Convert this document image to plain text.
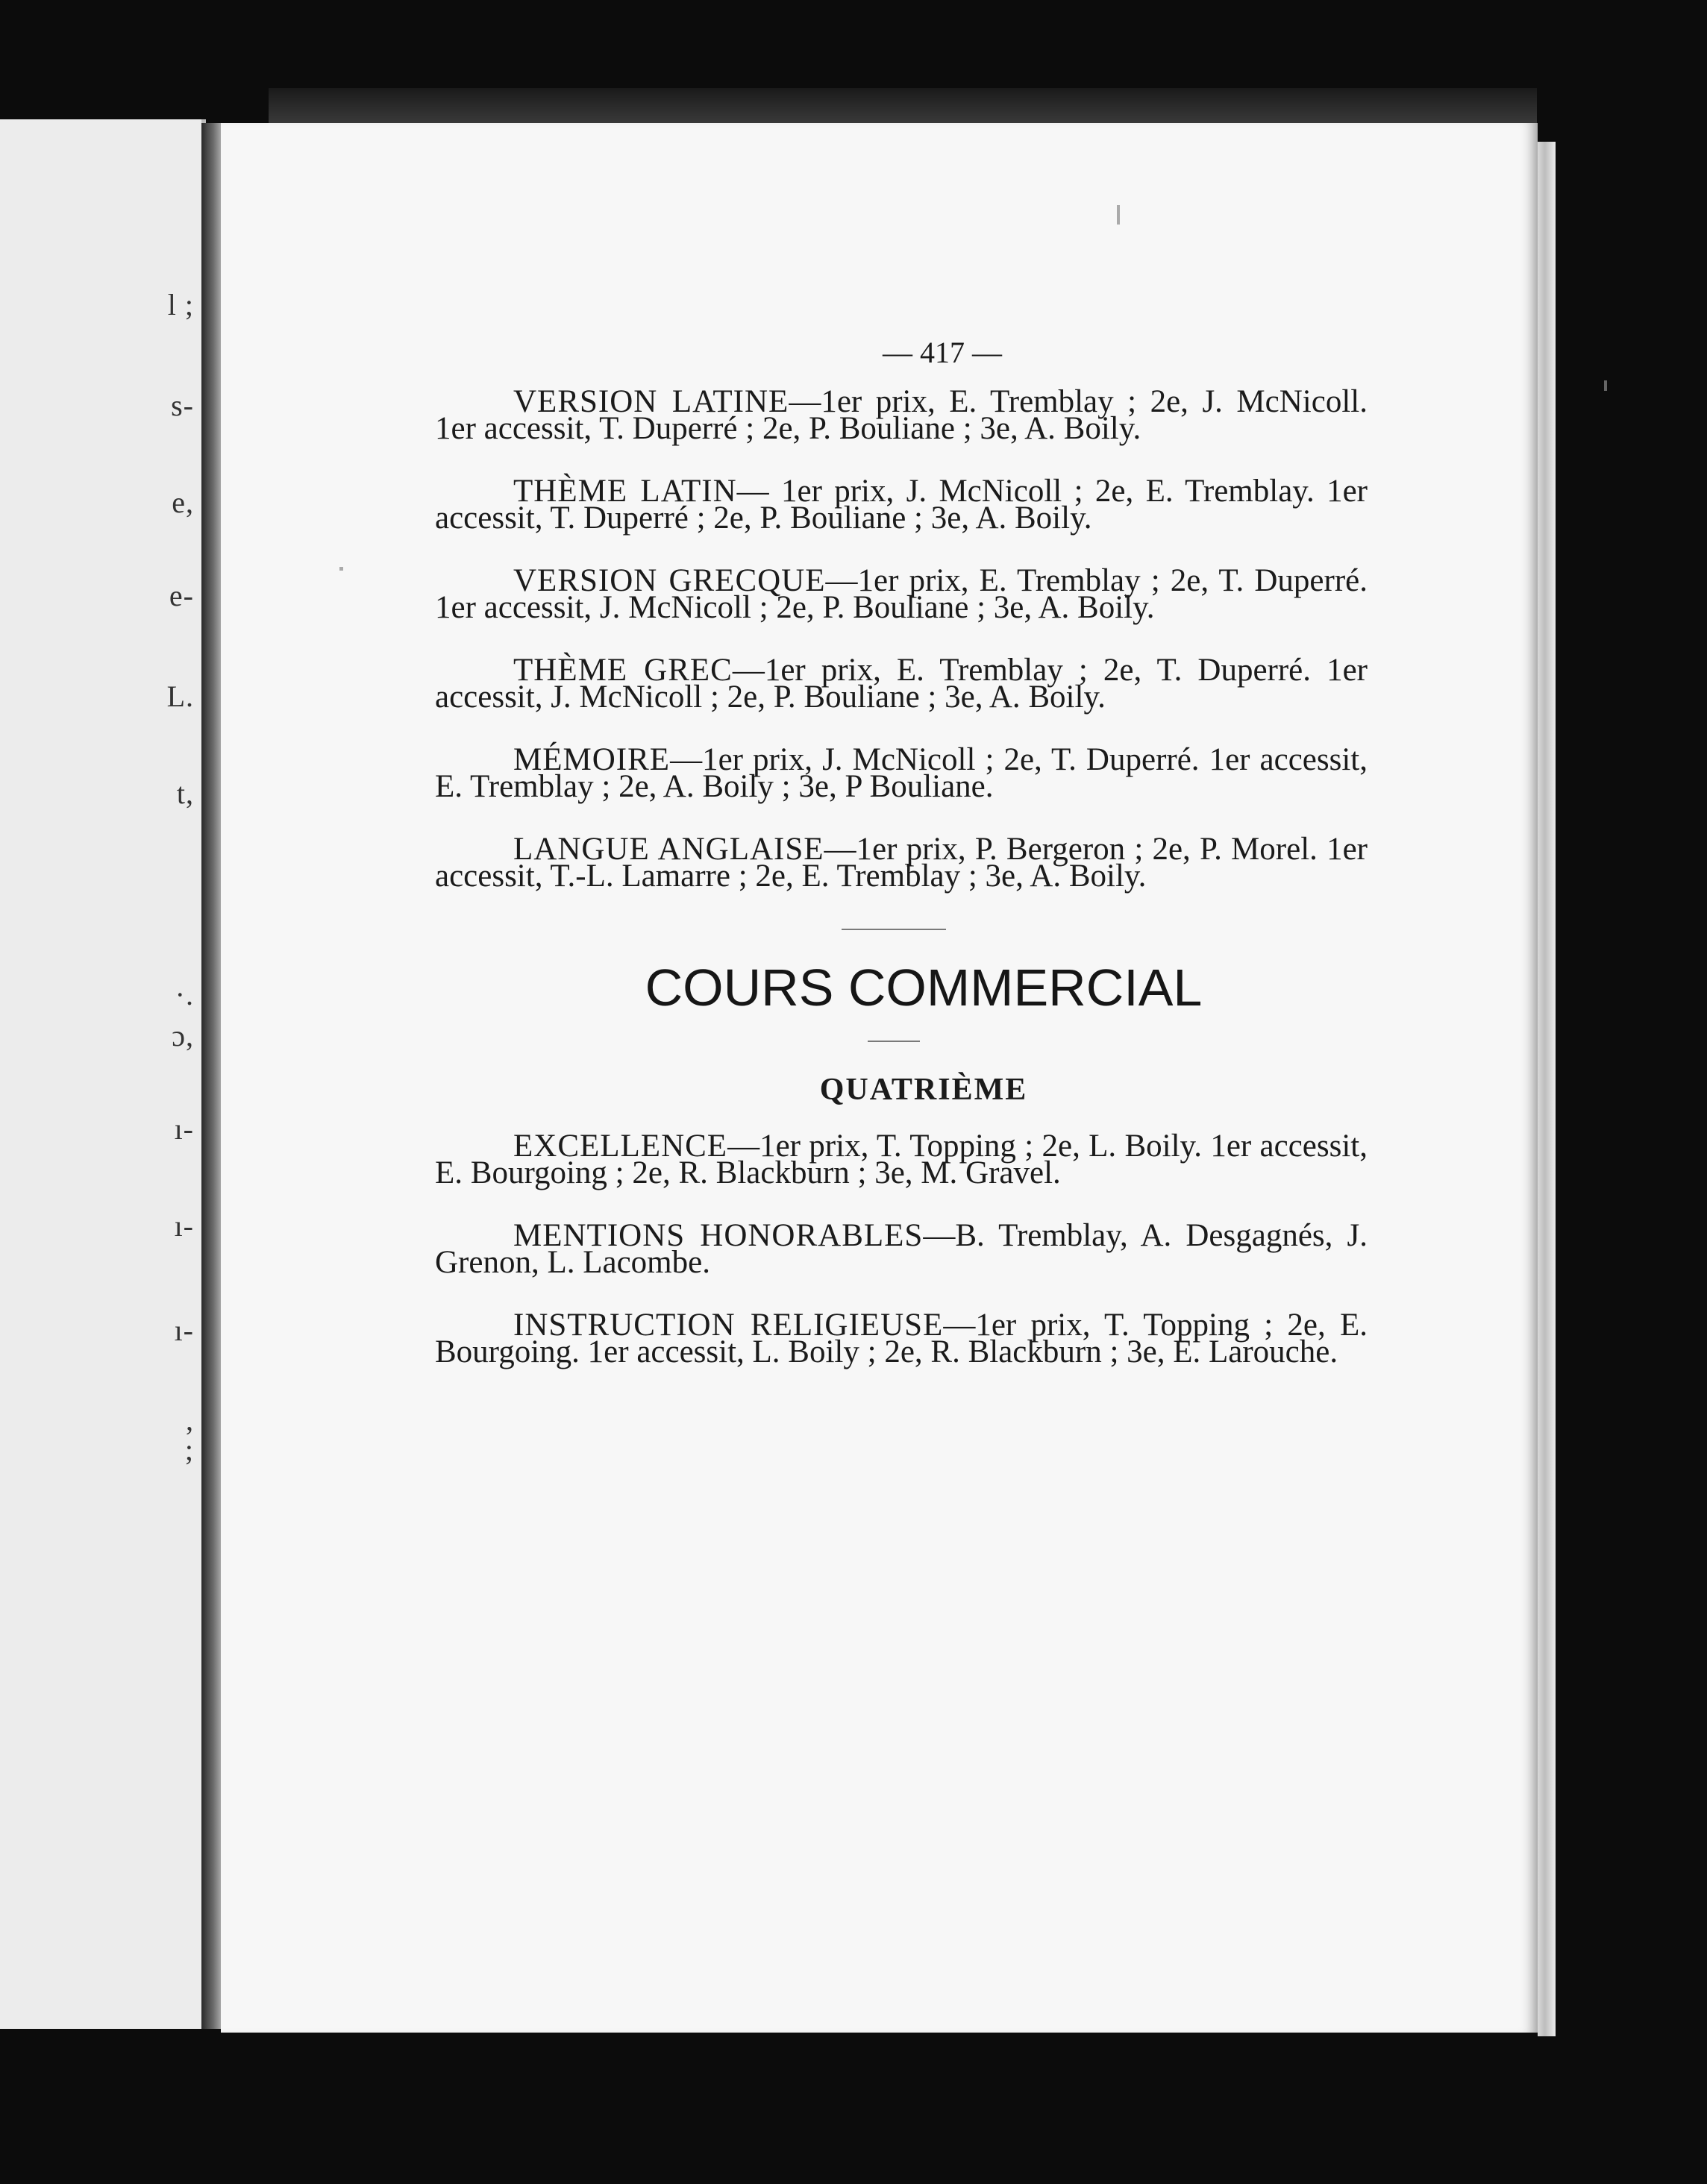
l ;
s-
e,
e-
L.
t,
·.
ɔ,
ı-
ı-
ı-
,
;
— 417 —

VERSION LATINE—1er prix, E. Tremblay ; 2e, J. McNicoll. 1er accessit, T. Duperré ; 2e, P. Bouliane ; 3e, A. Boily.

THÈME LATIN— 1er prix, J. McNicoll ; 2e, E. Tremblay. 1er accessit, T. Duperré ; 2e, P. Bouliane ; 3e, A. Boily.

VERSION GRECQUE—1er prix, E. Tremblay ; 2e, T. Duperré. 1er accessit, J. McNicoll ; 2e, P. Bouliane ; 3e, A. Boily.

THÈME GREC—1er prix, E. Tremblay ; 2e, T. Duperré. 1er accessit, J. McNicoll ; 2e, P. Bouliane ; 3e, A. Boily.

MÉMOIRE—1er prix, J. McNicoll ; 2e, T. Duperré. 1er accessit, E. Tremblay ; 2e, A. Boily ; 3e, P Bouliane.

LANGUE ANGLAISE—1er prix, P. Bergeron ; 2e, P. Morel. 1er accessit, T.-L. Lamarre ; 2e, E. Tremblay ; 3e, A. Boily.

COURS COMMERCIAL
QUATRIÈME

EXCELLENCE—1er prix, T. Topping ; 2e, L. Boily. 1er accessit, E. Bourgoing ; 2e, R. Blackburn ; 3e, M. Gravel.

MENTIONS HONORABLES—B. Tremblay, A. Desgagnés, J. Grenon, L. Lacombe.

INSTRUCTION RELIGIEUSE—1er prix, T. Topping ; 2e, E. Bourgoing. 1er accessit, L. Boily ; 2e, R. Blackburn ; 3e, E. Larouche.
